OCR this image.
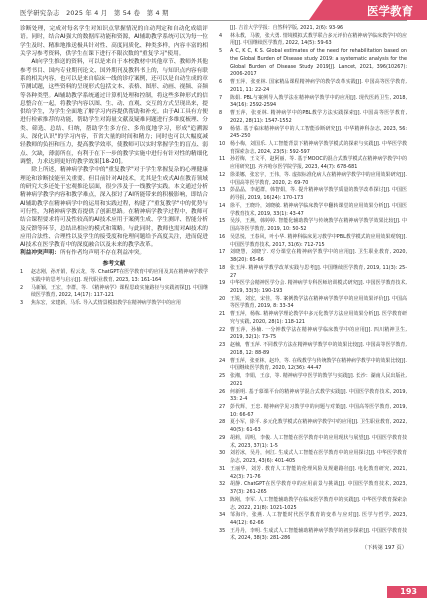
医学研究杂志　2025 年 4 月　第 54 卷　第 4 期	医学教育

诊断处理，完成对每名学生对知识点掌握情况的自动判定和自动化成绩评语。同时，结合AI强大的数据库功能和资源，AI辅助教学系统可以为每一位学生及时、精准地推送极具针对性、高度同质化、种类多样，内容丰富的相关学习参考资料，供学生在课下进行不限次数的"重复学习"使用。

AI向学生推送的资料，可以是来自于本校教材中其他章节、教师外其他参考书目、国内专业期刊论文、国外期刊及教科书上的，与知识点内容有联系的相关内容，也可以是来自临床一线的诊疗案例，还可以是自动生成的章节测试题，这些资料的呈现形式包括文本、表格、图形、动画、视频、音频等各种类型。AI辅助教学系统通过计算机处理和控制，将这些多种形式的信息整合在一起，将教学内容以图、生、动、直观、交互的方式呈现出来，提供给学生，为学生全面地了解学习内容提供帮助和补充。由于AI工具有方便进行检索推荐的功能，帮助学生对海量文献及疑难问题进行多维度梳理、分类、筛选、总结、归纳，帮助学生多方位、多角度地学习，形成"追溯源头、深化认识"的学习内容，节省大量的时间和精力；同时也可以大幅度减轻教师的负担和压力，提高教学效率，使教师可以实时掌握学生的盲点、弱点、欠缺，薄弱所在，有利于在下一步的教学实施中进行有针对性的精细化调整，力求达到更好的教学效果[18-20]。

除上所述，精神病学教学中的"重复教学"对于学生掌握复杂的心理健康理论和诊断技能至关重要。但目前针对AI技术，尤其是生成式AI在教育领域的研究大多还处于宏观推论层面，很少涉及于一线教学实践。本文通过分析精神病学教学内容和教学难点，深入探讨了AI所能带来的积极影响，即结合AI辅助教学在精神病学中的运用和实践过程，构建了"重复教学"中的优势与可行性，为精神病学教育提供了创新思路。在精神病学教学过程中，教师可结合课程要求将可及性较高的AI技术应用于案例生成、学生测评、智能分析及反馈等环节，总结出相应的模式和策略。与此同时，教师也需对AI技术的应用合法性、合理性以及学生的接受度和伦理问题给予高度关注，进而促进AI技术在医学教育中的深度融合以及未来的教学改革。

利益冲突声明：所有作者均声明不存在利益冲突。

参考文献
1	赵志刚，孙开娟，程云龙，等. ChatGPT在医学教育中的应用及其在精神病学教学实践中的思考与启示[J]. 现代职业教育, 2023, 13: 161-164
2	马新颖，王宏，李群，等. 《精神病学》课程思政实施路径与实践初探[J]. 中国继续医学教育, 2022, 14(17): 117-121
3	焦东宏，宋建新，马乐. 导入式情景模拟教学在精神病学教学中的应用
[J]. 吉首大学学报：自然科学版, 2021, 2(6): 93-96
4	林永教，马骏，张大勇. 情境模拟式教学联合多元评价在精神病学临床教学中的应用[J]. 中国继续医学教育, 2022, 14(5): 59-63
5	A C, K C, K S. Global estimates of the need for rehabilitation based on the Global Burden of Disease study 2019: a systematic analysis for the Global Burden of Disease Study 2019[J]. Lancet, 2021, 396(10267): 2006-2017
6	曹玉萍，张亚林. 国家精品课程精神病学的教学改革实践[J]. 中国高等医学教育, 2011, 11: 22-24
7	陈娟. PBL与案例导入教学法在精神病学教学中的应用[J]. 现代医药卫生, 2018, 34(16): 2592-2594
8	曹玉萍，张亚林. 精神病学中的PBL教学方法实践探索[J]. 中国高等医学教育, 2022, 28(11): 1547-1552
9	杨倩. 基于临床精神病学中的人工智能诊断研究[J]. 中华精神科杂志, 2023, 56: 245-250
10 杨小梅，刘国乐. 人工智能背景下精神病学教学模式的探索与实践[J]. 中华医学教育探索杂志, 2024, 23(5): 592-597
11 孙若梅，王文平，赵阿丽，等. 基于MOOC的混合式教学模式在精神病学教学中的应用研究[J]. 齐齐哈尔医学院学报, 2023, 44(7): 678-681
12 徐柔娜，张宏宇，王伟，等. 虚拟标准化病人在精神病学教学中的应用效果研究[J]. 中国高等医学教育, 2020, 2: 69-70
13 彭晶晶，李超群，韩智娟，等. 提升精神病学教学质量的教学改革探讨[J]. 中国医药导报, 2019, 16(24): 170-173
14 徐平，王晓玲，刘晓敏. 精神病学临床教学中翻转课堂的应用效果分析[J]. 中国医学教育技术, 2019, 33(1): 43-47
15 吴莎，王燕，韩婷婷. 智能化辅助教学与传统教学在精神病学教学效果比较[J]. 中国高等医学教育, 2019, 10: 50-52
16 吴思悦，王春风，叶小华. 精神科临床见习教学中PBL教学模式的应用效果观察[J]. 中国医学教育技术, 2017, 31(6): 712-715
17 刘晓慧，刘晓宁. 对分课堂在精神病学教学中的应用[J]. 卫生职业教育, 2020, 38(20): 65-66
18 张玉萍. 精神病学教学改革实践与思考[J]. 中国继续医学教育, 2019, 11(3): 25-27
19 中华医学会精神医学分会. 精神病学专科医师培训模式研究[J]. 中国医学教育技术, 2019, 33(3): 190-193
20 王锐，刘宏，宋佳，等. 案例教学法在精神病学教学中的应用效果评价[J]. 中国高等医学教育, 2019, 8: 33-34
21 曹玉萍，杨栋. 精神病学理论教学中多元化教学方法应用效果分析[J]. 医学教育研究与实践, 2020, 28(1): 118-121
22 曹玉萍，孙楠. 一分钟教学法在精神病学临床教学中的应用[J]. 四川精神卫生, 2019, 32(1): 73-75
23 赵楠，曹玉萍. 不同教学方法在精神病学教学中的效果比较[J]. 中国高等医学教育, 2018, 12: 88-89
24 曹玉萍，张亚林，赵玲，等. 在线教学与传统教学在精神病学教学中的效果比较[J]. 中国继续医学教育, 2020, 12(36): 44-47
25 张湘，李娟，王彦，等. 精神病学中医学的教学与实践[J]. 长沙：湖南人民出版社, 2021
26 何新明. 基于慕课平台的精神病学混合式教学实践[J]. 中国医学教育技术, 2019, 33: 2-4
27 彭代辉，王忠. 精神病学见习教学中的问题与对策[J]. 中国高等医学教育, 2019, 10: 66-67
28 夏小军，徐平. 多元化教学模式在精神病学教学中的应用[J]. 卫生职业教育, 2022, 40(5): 61-63
29 胡莉，周明，李俊. 人工智能在医学教育中的应用现状与展望[J]. 中国医学教育技术, 2023, 37(1): 1-5
30 刘若冰，吴丹，何江. 生成式人工智能在医学教育中的应用探讨[J]. 中华医学教育杂志, 2023, 43(6): 401-405
31 王丽华，刘芳. 教育人工智能的伦理风险及规避路径[J]. 电化教育研究, 2021, 42(3): 71-76
32 胡静. ChatGPT在医学教育中的应用前景与挑战[J]. 中国医学教育技术, 2023, 37(3): 261-265
33 陈刚，李军. 人工智能辅助教学在临床医学教育中的实践[J]. 中华医学教育探索杂志, 2022, 21(8): 1021-1025
34 邹海玲，张燕. 人工智能时代医学教育的变革与应对[J]. 医学与哲学, 2023, 44(12): 62-66
35 王丹丹，李明. 生成式人工智能辅助精神病学教学的初步探索[J]. 中国医学教育技术, 2024, 38(3): 281-286
（下转第 197 页）
193
